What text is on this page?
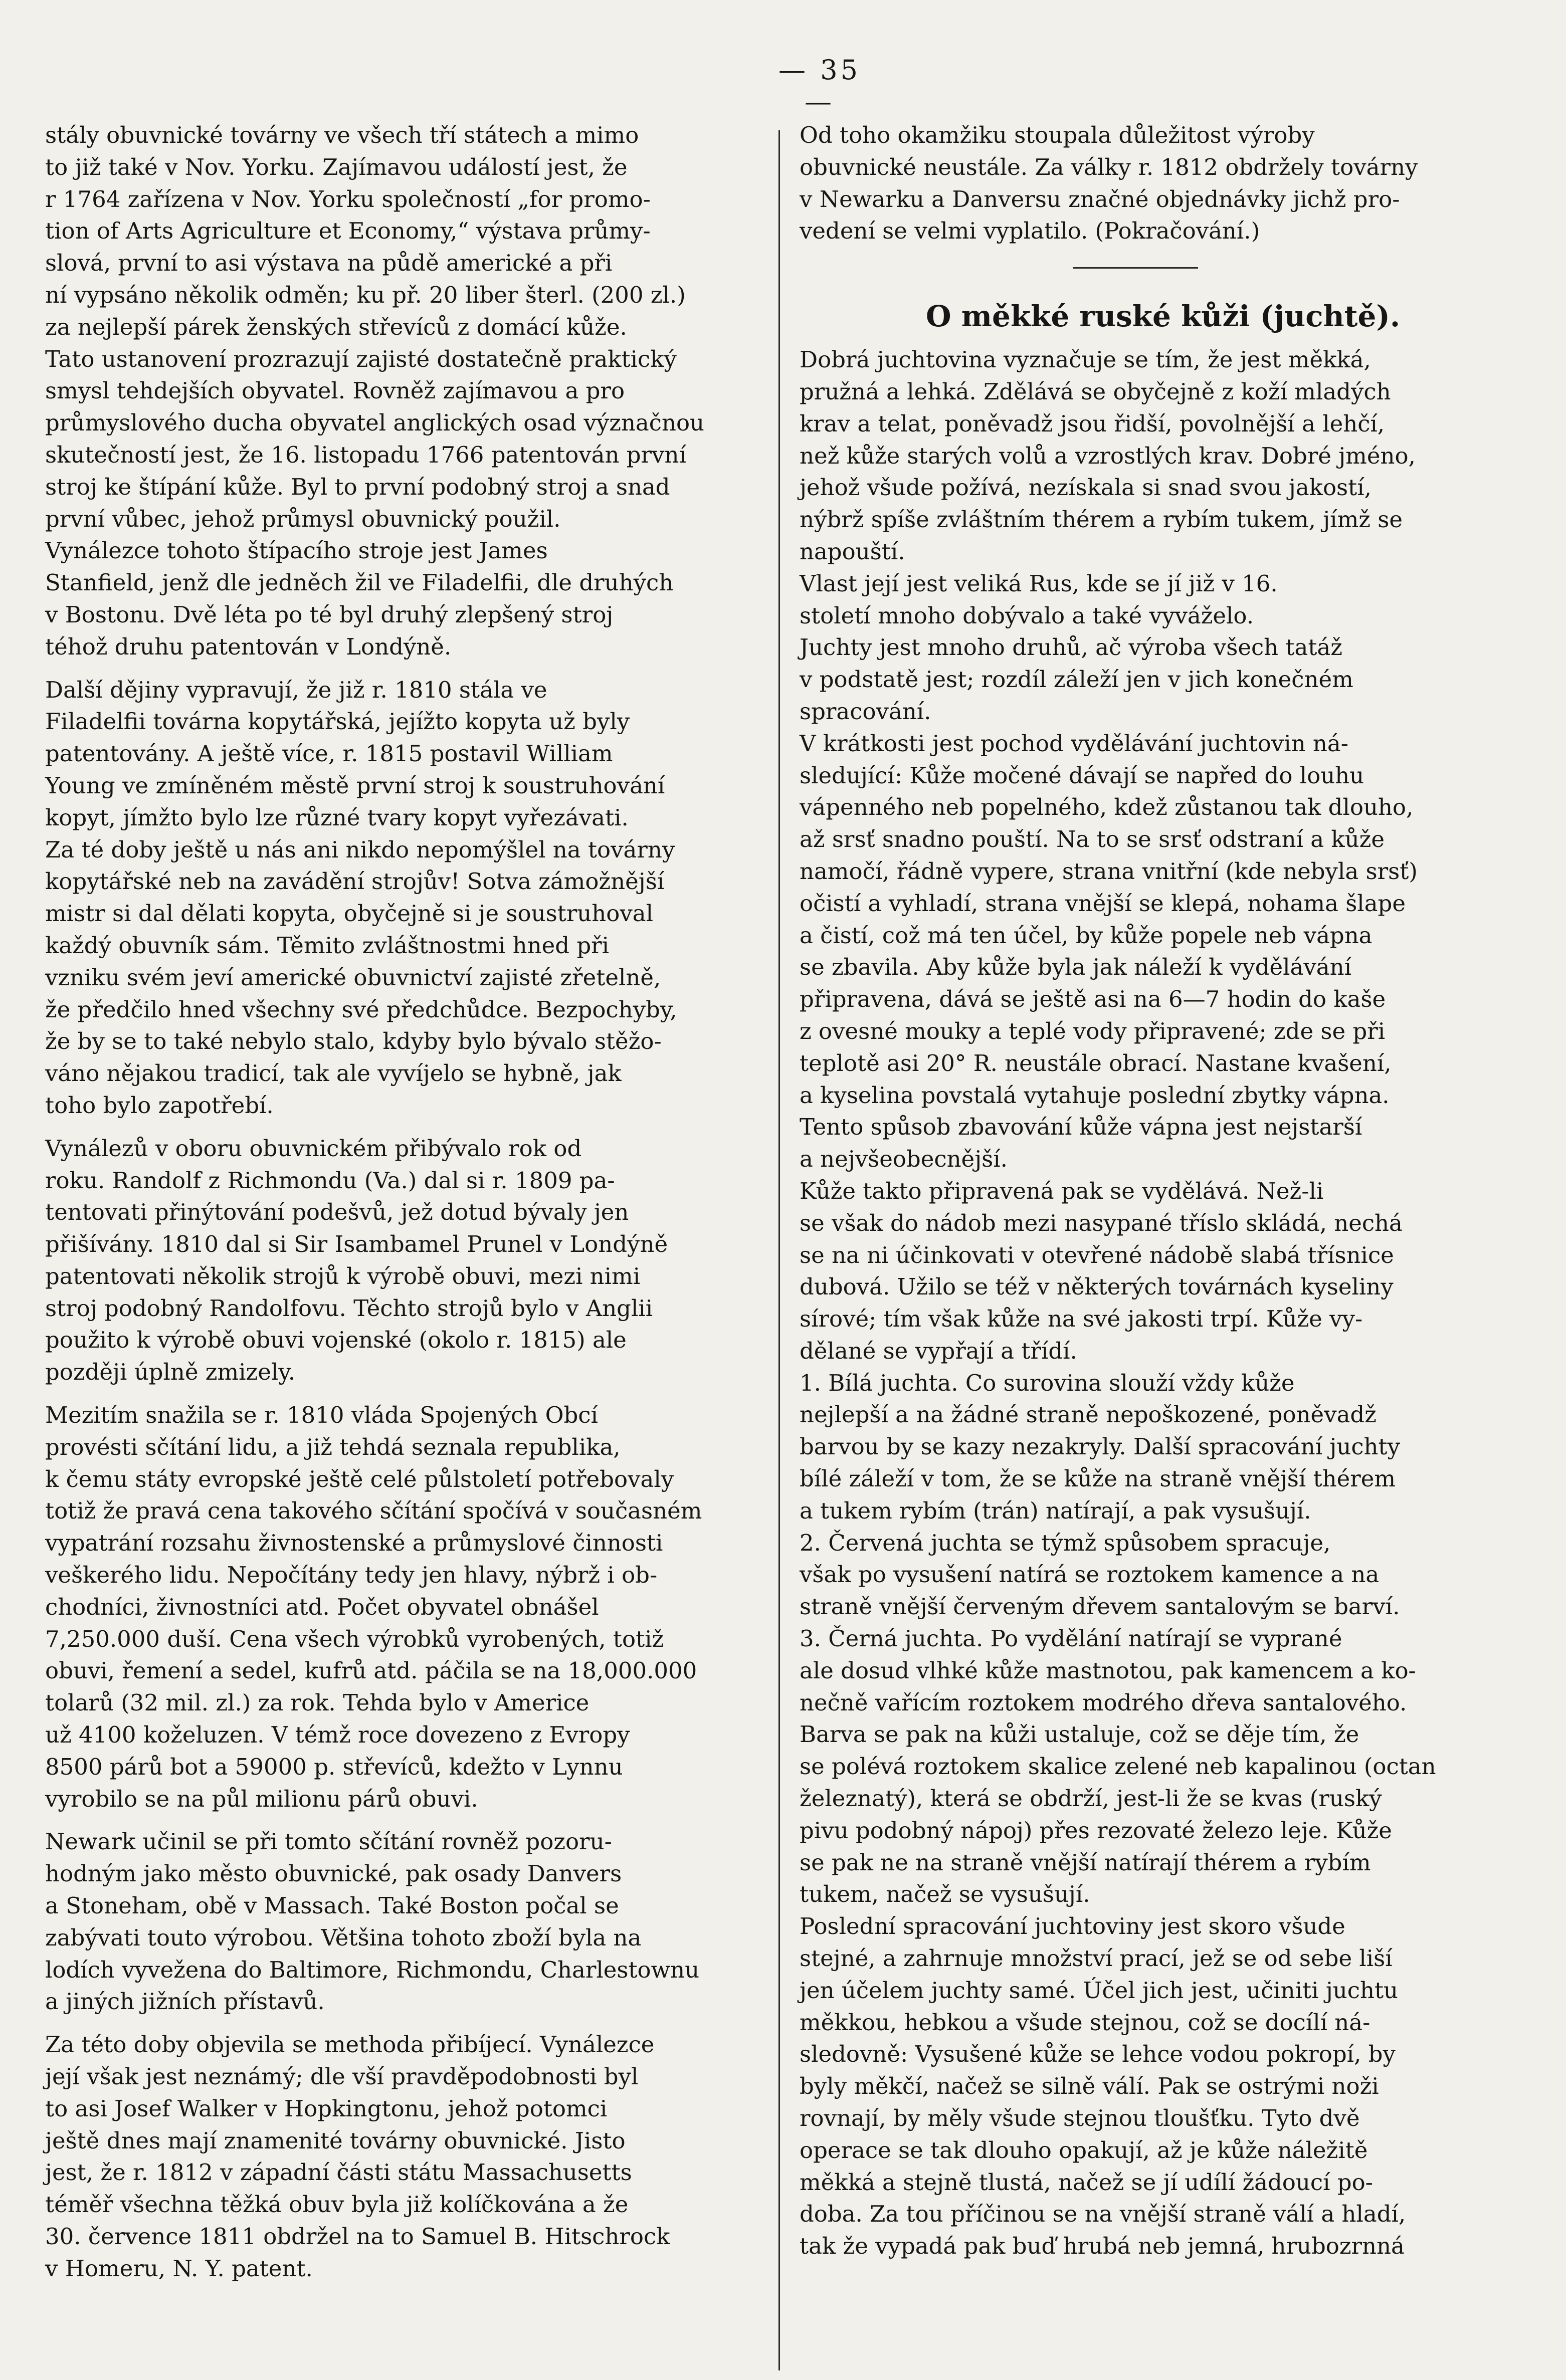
— 35 —
stály obuvnické továrny ve všech tří státech a mimo
to již také v Nov. Yorku. Zajímavou událostí jest, že
r 1764 zařízena v Nov. Yorku společností „for promo-
tion of Arts Agriculture et Economy,“ výstava průmy-
slová, první to asi výstava na půdě americké a při
ní vypsáno několik odměn; ku př. 20 liber šterl. (200 zl.)
za nejlepší párek ženských střevíců z domácí kůže.
Tato ustanovení prozrazují zajisté dostatečně praktický
smysl tehdejších obyvatel. Rovněž zajímavou a pro
průmyslového ducha obyvatel anglických osad význačnou
skutečností jest, že 16. listopadu 1766 patentován první
stroj ke štípání kůže. Byl to první podobný stroj a snad
první vůbec, jehož průmysl obuvnický použil.
Vynálezce tohoto štípacího stroje jest James
Stanfield, jenž dle jedněch žil ve Filadelfii, dle druhých
v Bostonu. Dvě léta po té byl druhý zlepšený stroj
téhož druhu patentován v Londýně.
Další dějiny vypravují, že již r. 1810 stála ve
Filadelfii továrna kopytářská, jejížto kopyta už byly
patentovány. A ještě více, r. 1815 postavil William
Young ve zmíněném městě první stroj k soustruhování
kopyt, jímžto bylo lze různé tvary kopyt vyřezávati.
Za té doby ještě u nás ani nikdo nepomýšlel na továrny
kopytářské neb na zavádění strojův! Sotva zámožnější
mistr si dal dělati kopyta, obyčejně si je soustruhoval
každý obuvník sám. Těmito zvláštnostmi hned při
vzniku svém jeví americké obuvnictví zajisté zřetelně,
že předčilo hned všechny své předchůdce. Bezpochyby,
že by se to také nebylo stalo, kdyby bylo bývalo stěžo-
váno nějakou tradicí, tak ale vyvíjelo se hybně, jak
toho bylo zapotřebí.
Vynálezů v oboru obuvnickém přibývalo rok od
roku. Randolf z Richmondu (Va.) dal si r. 1809 pa-
tentovati přinýtování podešvů, jež dotud bývaly jen
přišívány. 1810 dal si Sir Isambamel Prunel v Londýně
patentovati několik strojů k výrobě obuvi, mezi nimi
stroj podobný Randolfovu. Těchto strojů bylo v Anglii
použito k výrobě obuvi vojenské (okolo r. 1815) ale
později úplně zmizely.
Mezitím snažila se r. 1810 vláda Spojených Obcí
provésti sčítání lidu, a již tehdá seznala republika,
k čemu státy evropské ještě celé půlstoletí potřebovaly
totiž že pravá cena takového sčítání spočívá v současném
vypatrání rozsahu živnostenské a průmyslové činnosti
veškerého lidu. Nepočítány tedy jen hlavy, nýbrž i ob-
chodníci, živnostníci atd. Počet obyvatel obnášel
7,250.000 duší. Cena všech výrobků vyrobených, totiž
obuvi, řemení a sedel, kufrů atd. páčila se na 18,000.000
tolarů (32 mil. zl.) za rok. Tehda bylo v Americe
už 4100 koželuzen. V témž roce dovezeno z Evropy
8500 párů bot a 59000 p. střevíců, kdežto v Lynnu
vyrobilo se na půl milionu párů obuvi.
Newark učinil se při tomto sčítání rovněž pozoru-
hodným jako město obuvnické, pak osady Danvers
a Stoneham, obě v Massach. Také Boston počal se
zabývati touto výrobou. Většina tohoto zboží byla na
lodích vyvežena do Baltimore, Richmondu, Charlestownu
a jiných jižních přístavů.
Za této doby objevila se methoda přibíjecí. Vynálezce
její však jest neznámý; dle vší pravděpodobnosti byl
to asi Josef Walker v Hopkingtonu, jehož potomci
ještě dnes mají znamenité továrny obuvnické. Jisto
jest, že r. 1812 v západní části státu Massachusetts
téměř všechna těžká obuv byla již kolíčkována a že
30. července 1811 obdržel na to Samuel B. Hitschrock
v Homeru, N. Y. patent.
Od toho okamžiku stoupala důležitost výroby
obuvnické neustále. Za války r. 1812 obdržely továrny
v Newarku a Danversu značné objednávky jichž pro-
vedení se velmi vyplatilo. (Pokračování.)
O měkké ruské kůži (juchtě).
Dobrá juchtovina vyznačuje se tím, že jest měkká,
pružná a lehká. Zdělává se obyčejně z koží mladých
krav a telat, poněvadž jsou řidší, povolnější a lehčí,
než kůže starých volů a vzrostlých krav. Dobré jméno,
jehož všude požívá, nezískala si snad svou jakostí,
nýbrž spíše zvláštním thérem a rybím tukem, jímž se
napouští.
Vlast její jest veliká Rus, kde se jí již v 16.
století mnoho dobývalo a také vyváželo.
Juchty jest mnoho druhů, ač výroba všech tatáž
v podstatě jest; rozdíl záleží jen v jich konečném
spracování.
V krátkosti jest pochod vydělávání juchtovin ná-
sledující: Kůže močené dávají se napřed do louhu
vápenného neb popelného, kdež zůstanou tak dlouho,
až srsť snadno pouští. Na to se srsť odstraní a kůže
namočí, řádně vypere, strana vnitřní (kde nebyla srsť)
očistí a vyhladí, strana vnější se klepá, nohama šlape
a čistí, což má ten účel, by kůže popele neb vápna
se zbavila. Aby kůže byla jak náleží k vydělávání
připravena, dává se ještě asi na 6—7 hodin do kaše
z ovesné mouky a teplé vody připravené; zde se při
teplotě asi 20° R. neustále obrací. Nastane kvašení,
a kyselina povstalá vytahuje poslední zbytky vápna.
Tento spůsob zbavování kůže vápna jest nejstarší
a nejvšeobecnější.
Kůže takto připravená pak se vydělává. Než-li
se však do nádob mezi nasypané tříslo skládá, nechá
se na ni účinkovati v otevřené nádobě slabá třísnice
dubová. Užilo se též v některých továrnách kyseliny
sírové; tím však kůže na své jakosti trpí. Kůže vy-
dělané se vypřají a třídí.
1. Bílá juchta. Co surovina slouží vždy kůže
nejlepší a na žádné straně nepoškozené, poněvadž
barvou by se kazy nezakryly. Další spracování juchty
bílé záleží v tom, že se kůže na straně vnější thérem
a tukem rybím (trán) natírají, a pak vysušují.
2. Červená juchta se týmž spůsobem spracuje,
však po vysušení natírá se roztokem kamence a na
straně vnější červeným dřevem santalovým se barví.
3. Černá juchta. Po vydělání natírají se vyprané
ale dosud vlhké kůže mastnotou, pak kamencem a ko-
nečně vařícím roztokem modrého dřeva santalového.
Barva se pak na kůži ustaluje, což se děje tím, že
se polévá roztokem skalice zelené neb kapalinou (octan
železnatý), která se obdrží, jest-li že se kvas (ruský
pivu podobný nápoj) přes rezovaté železo leje. Kůže
se pak ne na straně vnější natírají thérem a rybím
tukem, načež se vysušují.
Poslední spracování juchtoviny jest skoro všude
stejné, a zahrnuje množství prací, jež se od sebe liší
jen účelem juchty samé. Účel jich jest, učiniti juchtu
měkkou, hebkou a všude stejnou, což se docílí ná-
sledovně: Vysušené kůže se lehce vodou pokropí, by
byly měkčí, načež se silně válí. Pak se ostrými noži
rovnají, by měly všude stejnou tloušťku. Tyto dvě
operace se tak dlouho opakují, až je kůže náležitě
měkká a stejně tlustá, načež se jí udílí žádoucí po-
doba. Za tou příčinou se na vnější straně válí a hladí,
tak že vypadá pak buď hrubá neb jemná, hrubozrnná
